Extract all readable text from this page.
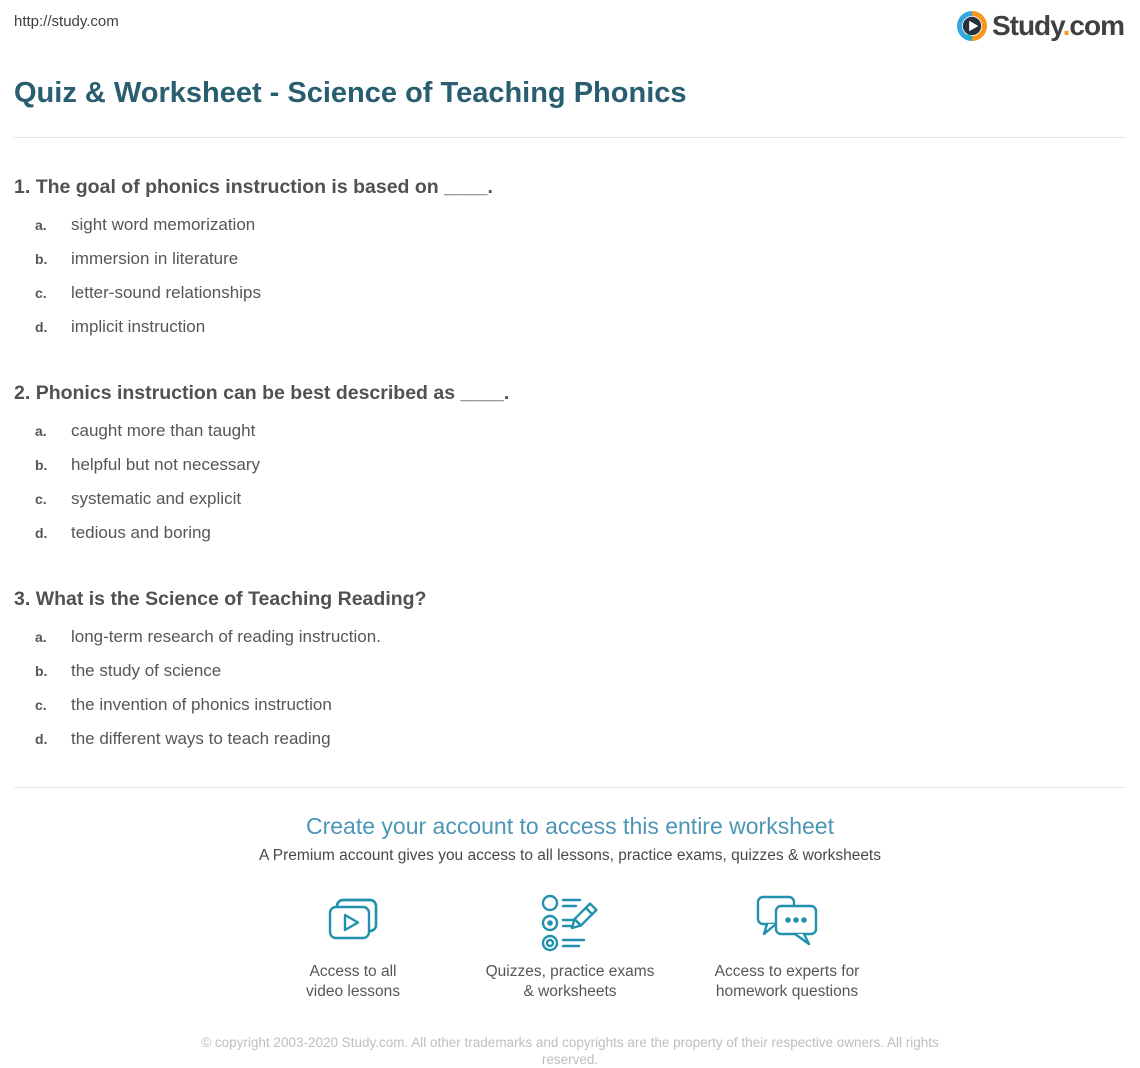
http://study.com	Study.com
Quiz & Worksheet - Science of Teaching Phonics
1. The goal of phonics instruction is based on ____.
a.	sight word memorization
b.	immersion in literature
c.	letter-sound relationships
d.	implicit instruction
2. Phonics instruction can be best described as ____.
a.	caught more than taught
b.	helpful but not necessary
c.	systematic and explicit
d.	tedious and boring
3. What is the Science of Teaching Reading?
a.	long-term research of reading instruction.
b.	the study of science
c.	the invention of phonics instruction
d.	the different ways to teach reading
Create your account to access this entire worksheet
A Premium account gives you access to all lessons, practice exams, quizzes & worksheets
Access to all
video lessons
Quizzes, practice exams
& worksheets
Access to experts for
homework questions
© copyright 2003-2020 Study.com. All other trademarks and copyrights are the property of their respective owners. All rights reserved.
